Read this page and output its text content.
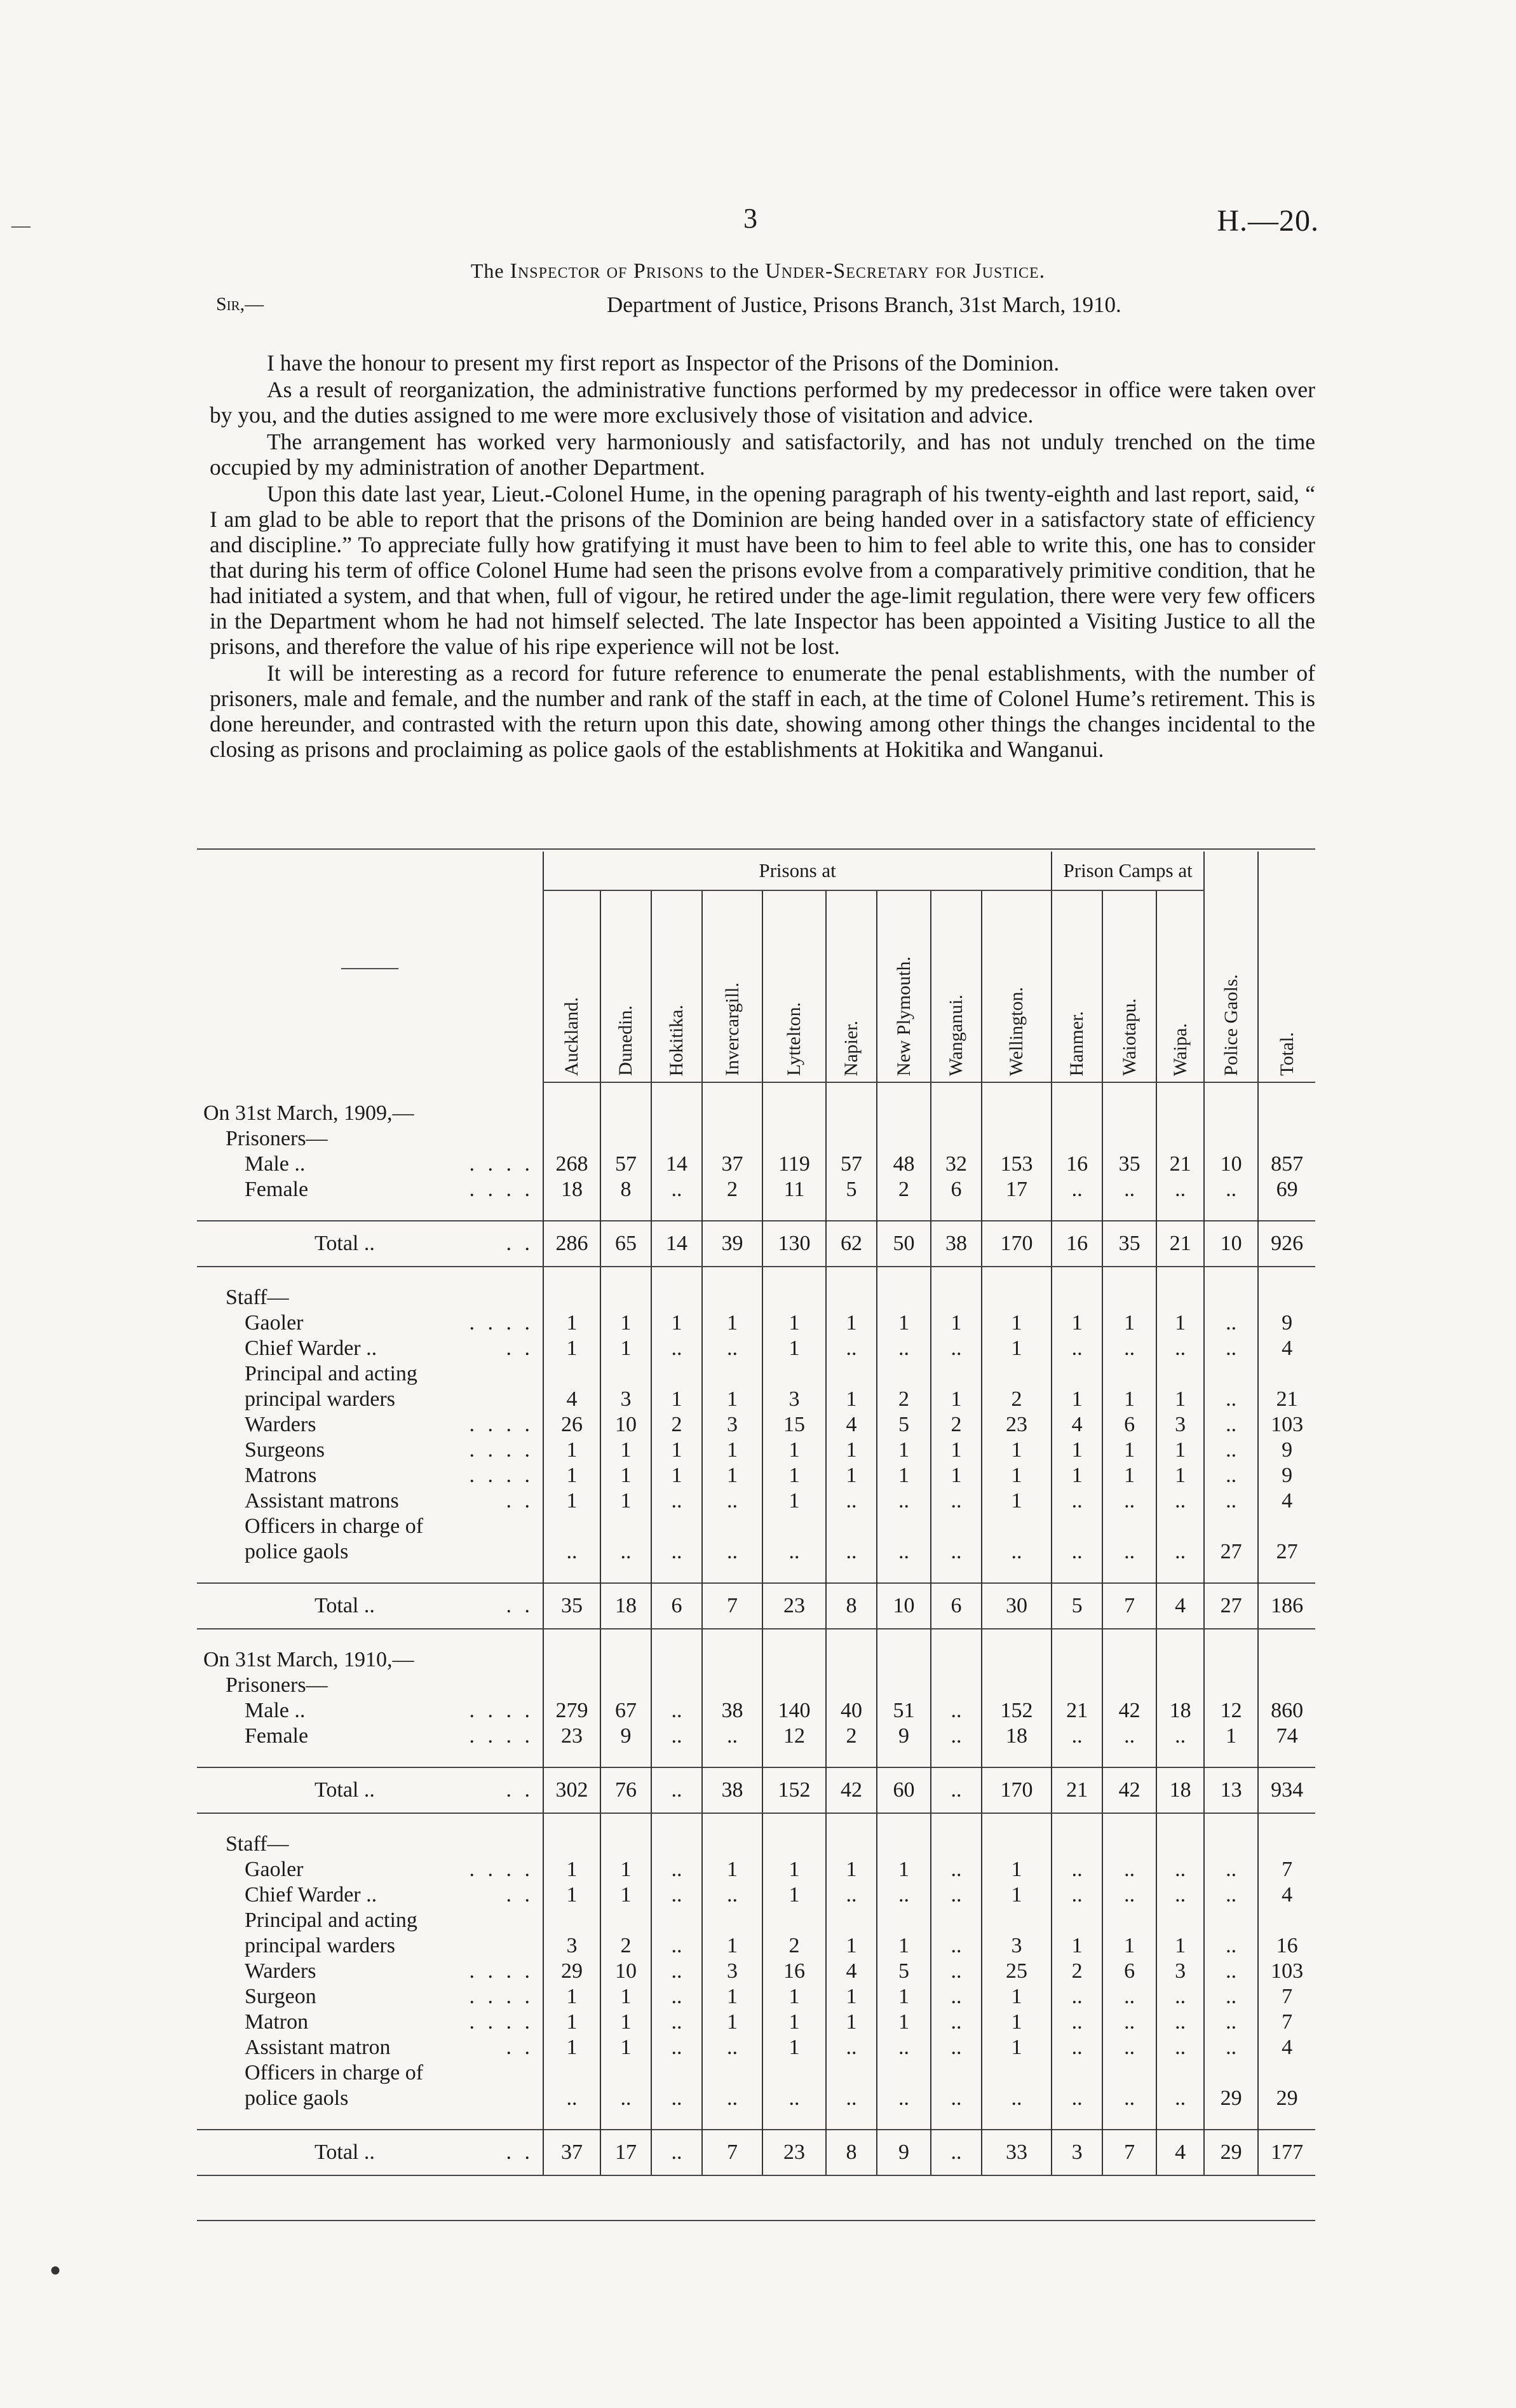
3	H.—20.
The Inspector of Prisons to the Under-Secretary for Justice.
Sir,—	Department of Justice, Prisons Branch, 31st March, 1910.

I have the honour to present my first report as Inspector of the Prisons of the Dominion.

As a result of reorganization, the administrative functions performed by my predecessor in office were taken over by you, and the duties assigned to me were more exclusively those of visitation and advice.

The arrangement has worked very harmoniously and satisfactorily, and has not unduly trenched on the time occupied by my administration of another Department.

Upon this date last year, Lieut.-Colonel Hume, in the opening paragraph of his twenty-eighth and last report, said, “ I am glad to be able to report that the prisons of the Dominion are being handed over in a satisfactory state of efficiency and discipline.” To appreciate fully how gratifying it must have been to him to feel able to write this, one has to consider that during his term of office Colonel Hume had seen the prisons evolve from a comparatively primitive condition, that he had initiated a system, and that when, full of vigour, he retired under the age-limit regulation, there were very few officers in the Department whom he had not himself selected. The late Inspector has been appointed a Visiting Justice to all the prisons, and therefore the value of his ripe experience will not be lost.

It will be interesting as a record for future reference to enumerate the penal establishments, with the number of prisoners, male and female, and the number and rank of the staff in each, at the time of Colonel Hume’s retirement. This is done hereunder, and contrasted with the return upon this date, showing among other things the changes incidental to the closing as prisons and proclaiming as police gaols of the establishments at Hokitika and Wanganui.

———	Prisons at									Prison Camps at			Police Gaols.	Total.
	Auckland.	Dunedin.	Hokitika.	Invercargill.	Lyttelton.	Napier.	New Plymouth.	Wanganui.	Wellington.	Hanmer.	Waiotapu.	Waipa.		

On 31st March, 1909,—														
Prisoners—														
Male .. . . . .	268	57	14	37	119	57	48	32	153	16	35	21	10	857
Female . . . .	18	8	..	2	11	5	2	6	17	..	..	..	..	69

Total .. . .	286	65	14	39	130	62	50	38	170	16	35	21	10	926

Staff—														
Gaoler . . . .	1	1	1	1	1	1	1	1	1	1	1	1	..	9
Chief Warder .. . .	1	1	..	..	1	..	..	..	1	..	..	..	..	4
Principal and acting principal warders	4	3	1	1	3	1	2	1	2	1	1	1	..	21
Warders . . . .	26	10	2	3	15	4	5	2	23	4	6	3	..	103
Surgeons . . . .	1	1	1	1	1	1	1	1	1	1	1	1	..	9
Matrons . . . .	1	1	1	1	1	1	1	1	1	1	1	1	..	9
Assistant matrons . .	1	1	..	..	1	..	..	..	1	..	..	..	..	4
Officers in charge of police gaols	..	..	..	..	..	..	..	..	..	..	..	..	27	27

Total .. . .	35	18	6	7	23	8	10	6	30	5	7	4	27	186

On 31st March, 1910,—														
Prisoners—														
Male .. . . . .	279	67	..	38	140	40	51	..	152	21	42	18	12	860
Female . . . .	23	9	..	..	12	2	9	..	18	..	..	..	1	74

Total .. . .	302	76	..	38	152	42	60	..	170	21	42	18	13	934

Staff—														
Gaoler . . . .	1	1	..	1	1	1	1	..	1	..	..	..	..	7
Chief Warder .. . .	1	1	..	..	1	..	..	..	1	..	..	..	..	4
Principal and acting principal warders	3	2	..	1	2	1	1	..	3	1	1	1	..	16
Warders . . . .	29	10	..	3	16	4	5	..	25	2	6	3	..	103
Surgeon . . . .	1	1	..	1	1	1	1	..	1	..	..	..	..	7
Matron . . . .	1	1	..	1	1	1	1	..	1	..	..	..	..	7
Assistant matron . .	1	1	..	..	1	..	..	..	1	..	..	..	..	4
Officers in charge of police gaols	..	..	..	..	..	..	..	..	..	..	..	..	29	29

Total .. . .	37	17	..	7	23	8	9	..	33	3	7	4	29	177
—
●
